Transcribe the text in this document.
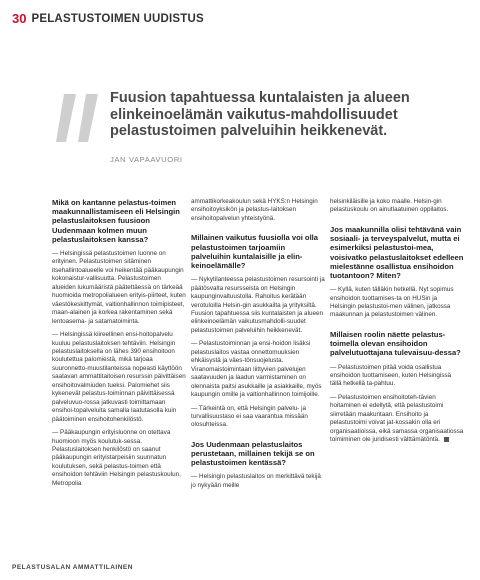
30 PELASTUSTOIMEN UUDISTUS
Fuusion tapahtuessa kuntalaisten ja alueen elinkeinoelämän vaikutus-mahdollisuudet pelastustoimen palveluihin heikkenevät.
JAN VAPAAVUORI
Mikä on kantanne pelastus-toimen maakunnallistamiseen eli Helsingin pelastuslaitoksen fuusioon Uudenmaan kolmen muun pelastuslaitoksen kanssa?

— Helsingissä pelastustoimen luonne on erityinen. Pelastustoimen sitä​minen itsehallintoalueelle voi heikentää pääkaupungin kokonaistur-vallisuutta. Pelastustoimen alueiden lukumääristä päätettäessä on tärkeää huomioida metropolialueen erityis-piirteet, kuten väestökeskittymät, valtionhallinnon toimipisteet, maan-alainen ja korkea rakentaminen sekä lentoasema- ja satamatoiminta.

— Helsingissä kiireellinen ensi-hoitopalvelu kuuluu pelastuslaitoksen tehtäviin. Helsingin pelastuslaitoksella on lähes 390 ensihoitoon koulutettua palomiestä, mikä tarjoaa suuronnetto-muustilanteissa nopeasti käyttöön saatavan ammattitaitoisen resurssin päivittäisen ensihoitovalmiuden tueksi. Palomiehet siis kykenevät pelastus-toiminnan päivittäisessä palveluvuo-rossa jatkuvasti toimittamaan ensihoi-topalveluita samalla laatutasolla kuin päätoiminen ensihoitohenkilöstö.

— Pääkaupungin erityisluonne on otettava huomioon myös koulutuk-sessa. Pelastuslaitoksen henkilöstö on saanut pääkaupungin erityistarpeisiin suunnatun koulutuksen, sekä pelastus-toimen että ensihoidon tehtäviin Helsingin pelastuskoulun, Metropolia

ammattikorkeakoulun sekä HYKS:n Helsingin ensihoitoyksikön ja pelastus-laitoksen ensihoitopalvelun yhteistyönä.

Millainen vaikutus fuusiolla voi olla pelastustoimen tarjoamiin palveluihin kuntalaisille ja elin-keinoelämälle?

— Nykytilanteessa pelastustoimen resursointi ja päätösvalta resursseista on Helsingin kaupunginvaltuustolla. Rahoitus kerätään verotuloilla Helsin-gin asukkailta ja yrityksiltä. Fuusion tapahtuessa siis kuntalaisten ja alueen elinkeinoelämän vaikutusmahdolli-suudet pelastustoimen palveluihin heikkenevät.

— Pelastustoiminnan ja ensi-hoidon lisäksi pelastuslaitos vastaa onnettomuuksien ehkäisystä ja väes-tönsuojelusta. Viranomaistoimintaan liittyvien palvelujen saatavuuden ja laadun varmistaminen on olennaista paitsi asukkaille ja asiakkaille, myös kaupungin omille ja valtionhallinnon toimijoille.

— Tärkeintä on, että Helsingin palvelu- ja turvallisuustaso ei saa vaarantua missään olosuhteissa.

Jos Uudenmaan pelastuslaitos perustetaan, millainen tekijä se on pelastustoimen kentässä?

— Helsingin pelastuslaitos on merkittävä tekijä jo nykyään meille

helsinkiläisille ja koko maalle. Helsin-gin pelastuskoulu on ainutlaatuinen oppilaitos.

Jos maakunnilla olisi tehtävänä vain sosiaali- ja terveyspalvelut, mutta ei esimerkiksi pelastustoi-mea, voisivatko pelastuslaitokset edelleen mielestänne osallistua ensihoidon tuotantoon? Miten?

— Kyllä, kuten tälläkin hetkellä. Nyt sopimus ensihoidon tuottamises-ta on HUSin ja Helsingin pelastustoi-men välinen, jatkossa maakunnan ja pelastustoimen välinen.

Millaisen roolin näette pelastus-toimella olevan ensihoidon palvelutuottajana tulevaisuu-dessa?

— Pelastustoimen pitää voida osallistua ensihoidon tuottamiseen, kuten Helsingissä tällä hetkellä ta-pahtuu.

— Pelastustoimen ensihoitoteh-tävien hoitaminen ei edellytä, että pelastustoimi siirretään maakuntaan. Ensihoito ja pelastustoimi voivat jat-kossakin olla eri organisaatioissa, eikä samassa organisaatiossa toimiminen ole juridisesti välttämätöntä.

PELASTUSALAN AMMATTILAINEN
